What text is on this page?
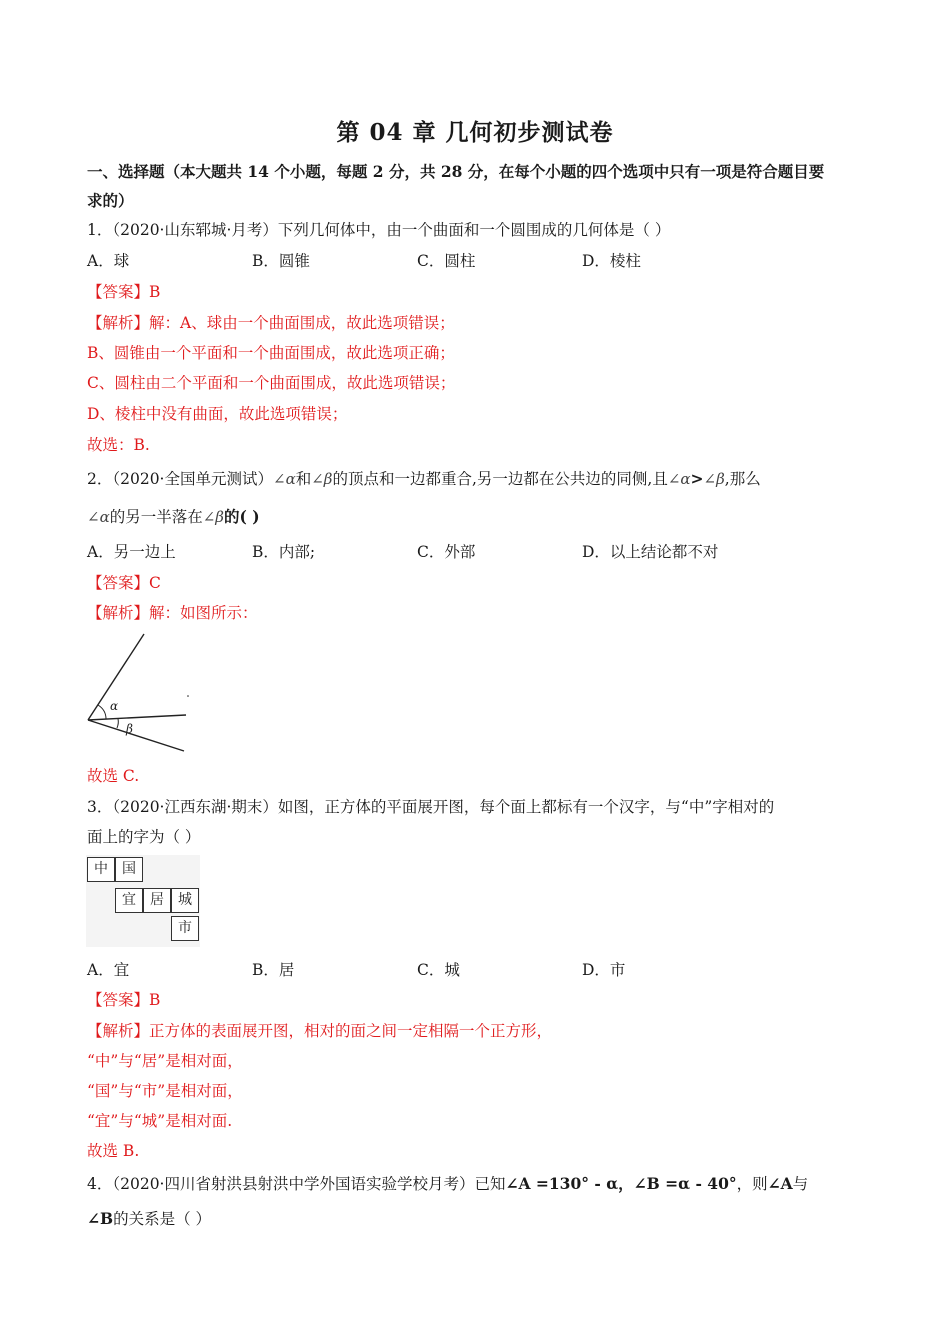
第 04 章 几何初步测试卷
一、选择题（本大题共 14 个小题，每题 2 分，共 28 分，在每个小题的四个选项中只有一项是符合题目要
求的）
1．（2020·山东郓城·月考）下列几何体中，由一个曲面和一个圆围成的几何体是（ ）
A．球	B．圆锥	C．圆柱	D．棱柱
【答案】B
【解析】解：A、球由一个曲面围成，故此选项错误；
B、圆锥由一个平面和一个曲面围成，故此选项正确；
C、圆柱由二个平面和一个曲面围成，故此选项错误；
D、棱柱中没有曲面，故此选项错误；
故选：B.
2．（2020·全国单元测试）∠α和∠β的顶点和一边都重合,另一边都在公共边的同侧,且∠α>∠β,那么
∠α的另一半落在∠β的( )
A．另一边上	B．内部;	C．外部	D．以上结论都不对
【答案】C
【解析】解：如图所示：
α
β
故选 C.
3．（2020·江西东湖·期末）如图，正方体的平面展开图，每个面上都标有一个汉字，与“中”字相对的
面上的字为（ ）
中	国
宜	居	城
市
A．宜	B．居	C．城	D．市
【答案】B
【解析】正方体的表面展开图，相对的面之间一定相隔一个正方形，
“中”与“居”是相对面，
“国”与“市”是相对面，
“宜”与“城”是相对面.
故选 B.
4．（2020·四川省射洪县射洪中学外国语实验学校月考）已知∠A =130° - α，∠B =α - 40°，则∠A与
∠B的关系是（ ）
